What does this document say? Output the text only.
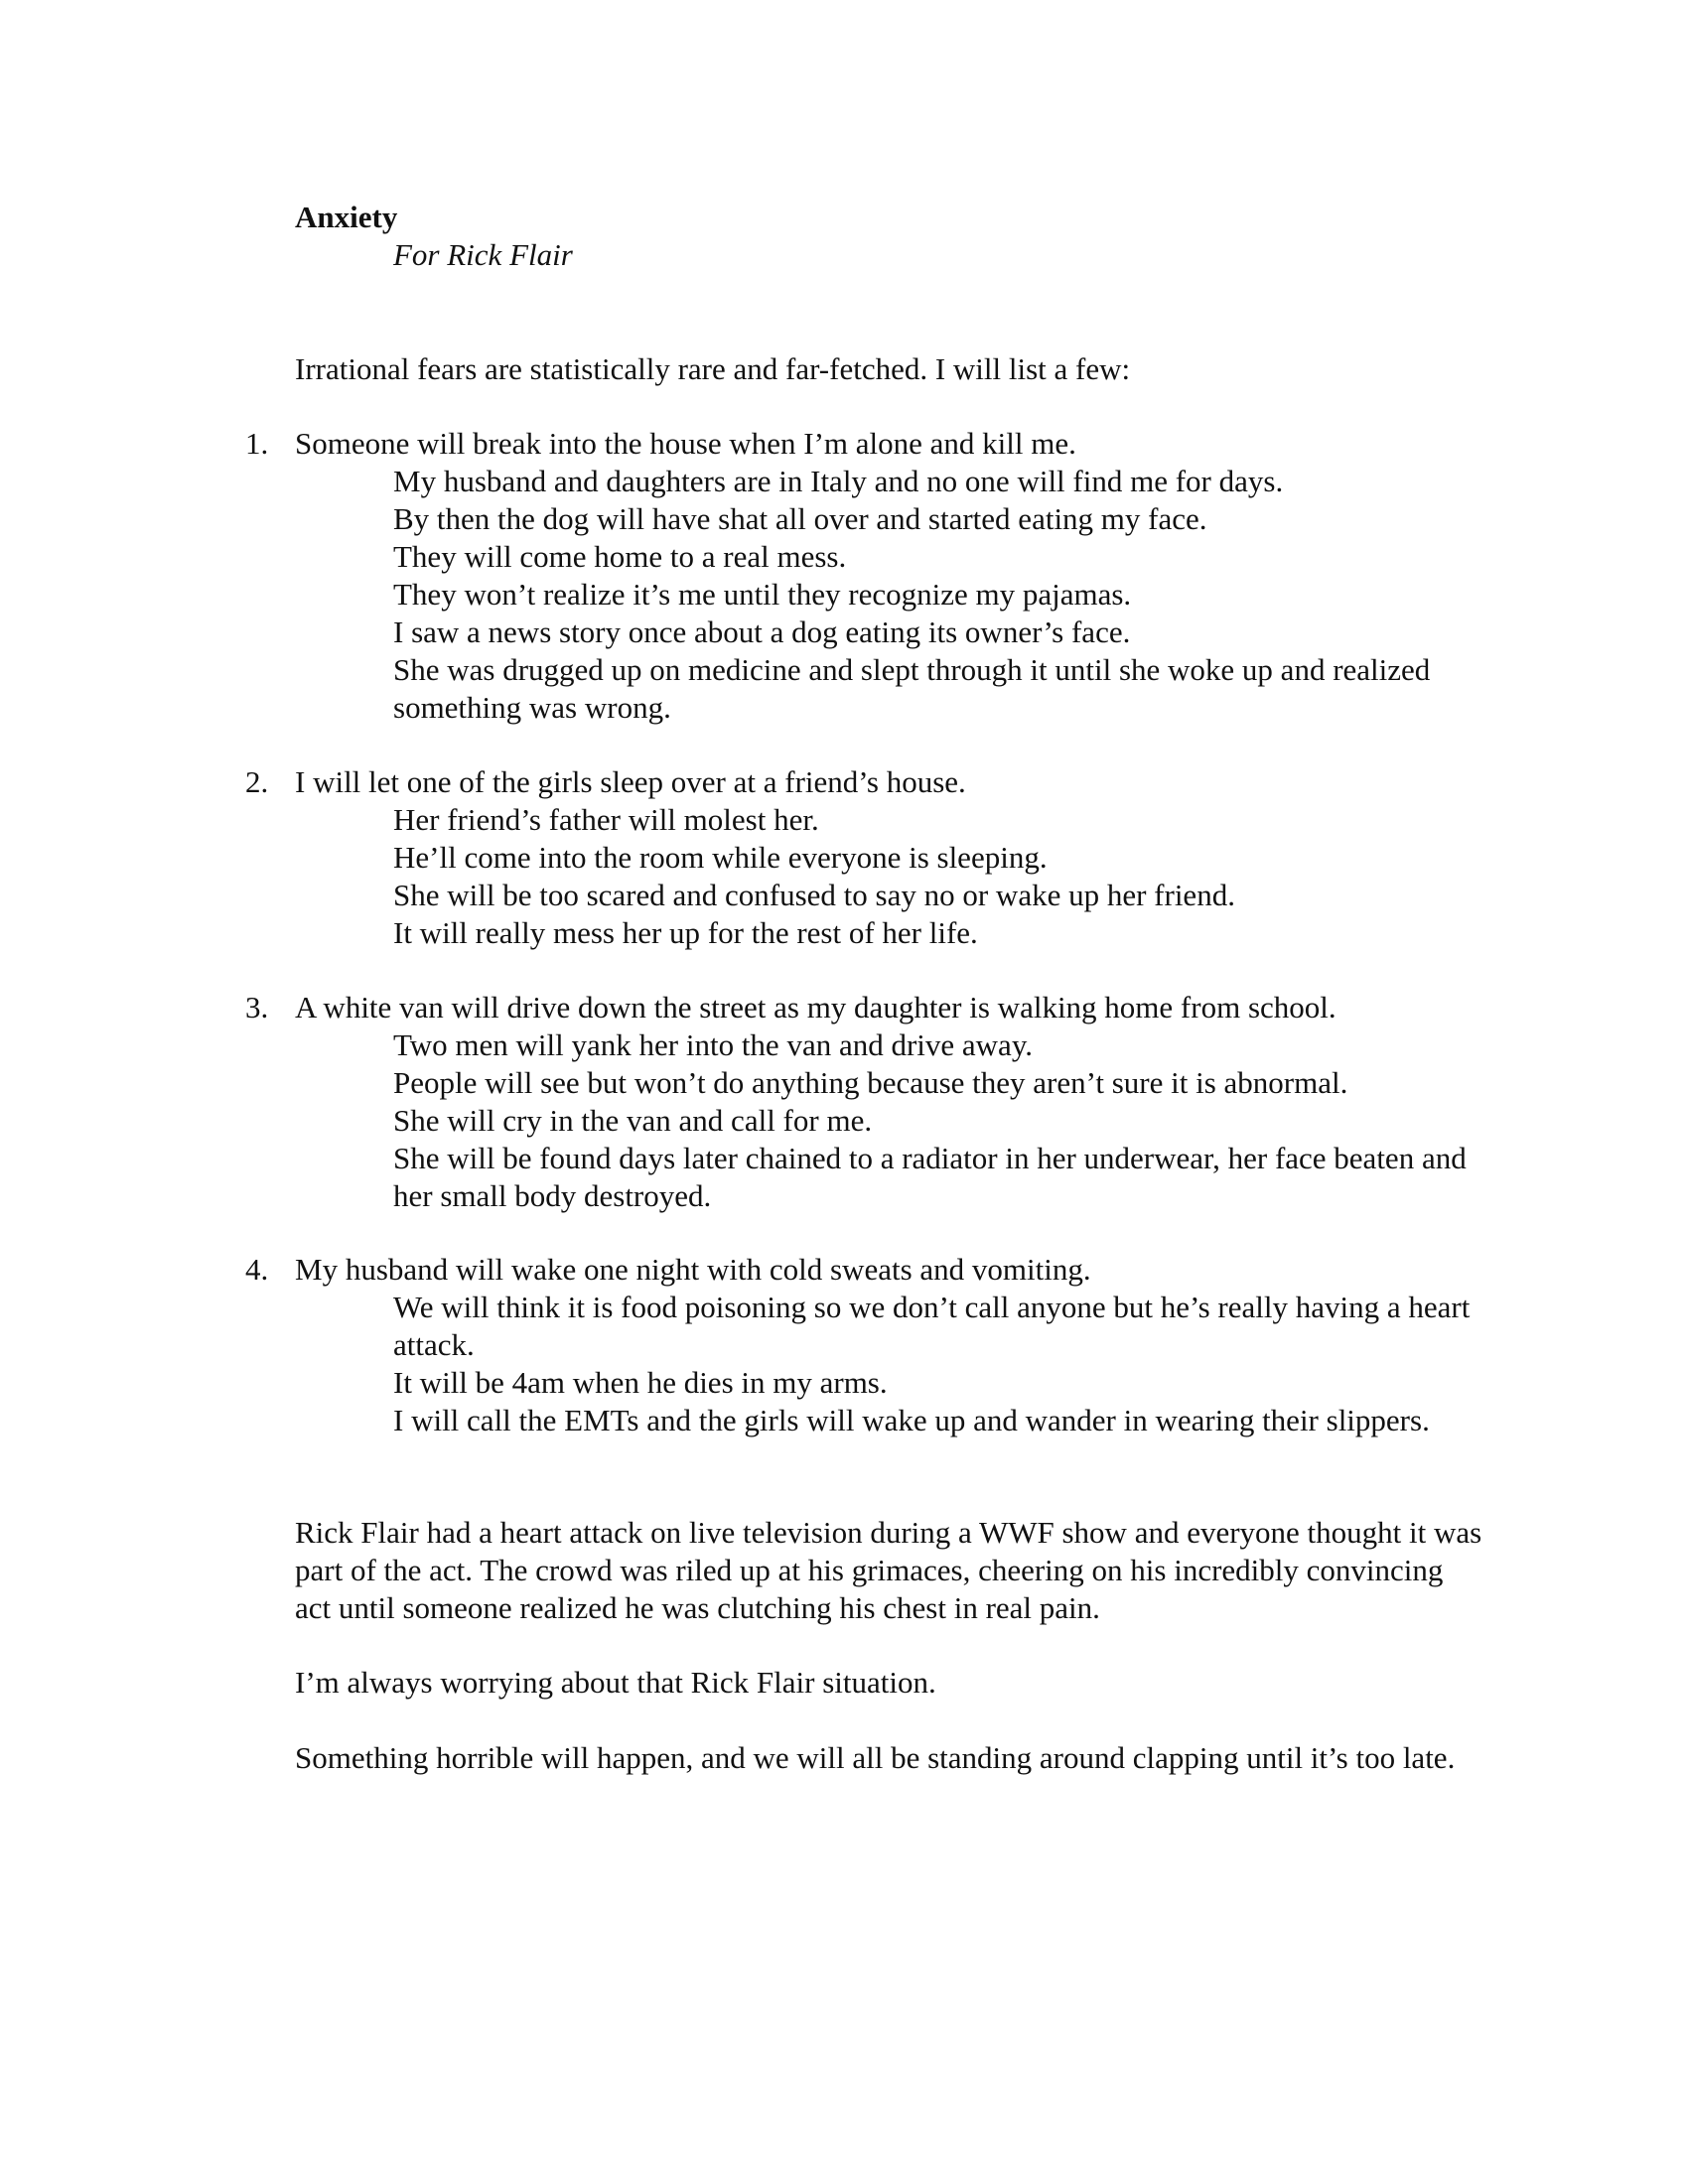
Anxiety

For Rick Flair

Irrational fears are statistically rare and far-fetched. I will list a few:

1. Someone will break into the house when I’m alone and kill me.

My husband and daughters are in Italy and no one will find me for days.
By then the dog will have shat all over and started eating my face.
They will come home to a real mess.
They won’t realize it’s me until they recognize my pajamas.
I saw a news story once about a dog eating its owner’s face.
She was drugged up on medicine and slept through it until she woke up and realized something was wrong.
2. I will let one of the girls sleep over at a friend’s house.

Her friend’s father will molest her.
He’ll come into the room while everyone is sleeping.
She will be too scared and confused to say no or wake up her friend.
It will really mess her up for the rest of her life.
3. A white van will drive down the street as my daughter is walking home from school.

Two men will yank her into the van and drive away.
People will see but won’t do anything because they aren’t sure it is abnormal.
She will cry in the van and call for me.
She will be found days later chained to a radiator in her underwear, her face beaten and her small body destroyed.
4. My husband will wake one night with cold sweats and vomiting.

We will think it is food poisoning so we don’t call anyone but he’s really having a heart attack.
It will be 4am when he dies in my arms.
I will call the EMTs and the girls will wake up and wander in wearing their slippers.

Rick Flair had a heart attack on live television during a WWF show and everyone thought it was part of the act. The crowd was riled up at his grimaces, cheering on his incredibly convincing act until someone realized he was clutching his chest in real pain.

I’m always worrying about that Rick Flair situation.

Something horrible will happen, and we will all be standing around clapping until it’s too late.
